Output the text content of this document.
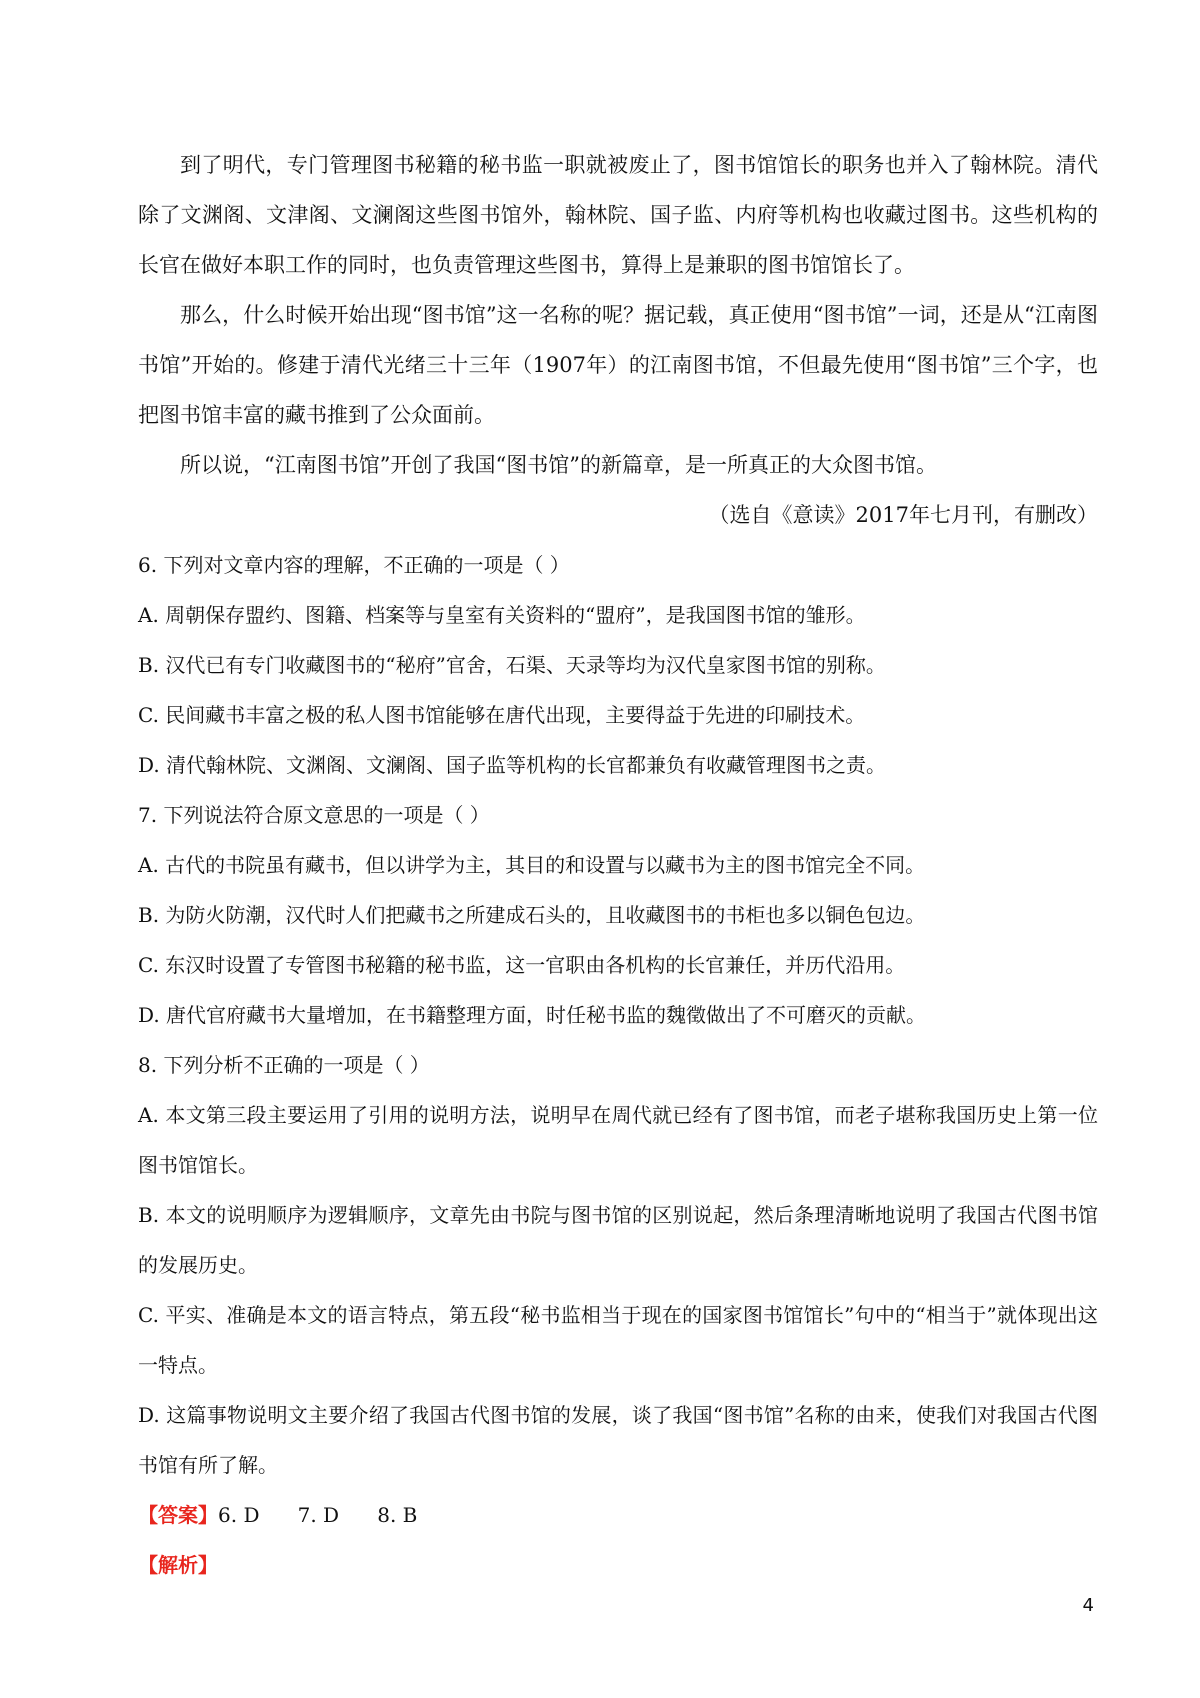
到了明代，专门管理图书秘籍的秘书监一职就被废止了，图书馆馆长的职务也并入了翰林院。清代除了文渊阁、文津阁、文澜阁这些图书馆外，翰林院、国子监、内府等机构也收藏过图书。这些机构的长官在做好本职工作的同时，也负责管理这些图书，算得上是兼职的图书馆馆长了。

那么，什么时候开始出现“图书馆”这一名称的呢？据记载，真正使用“图书馆”一词，还是从“江南图书馆”开始的。修建于清代光绪三十三年（1907年）的江南图书馆，不但最先使用“图书馆”三个字，也把图书馆丰富的藏书推到了公众面前。

所以说，“江南图书馆”开创了我国“图书馆”的新篇章，是一所真正的大众图书馆。

（选自《意读》2017年七月刊，有删改）

6. 下列对文章内容的理解，不正确的一项是（ ）

A. 周朝保存盟约、图籍、档案等与皇室有关资料的“盟府”，是我国图书馆的雏形。

B. 汉代已有专门收藏图书的“秘府”官舍，石渠、天录等均为汉代皇家图书馆的别称。

C. 民间藏书丰富之极的私人图书馆能够在唐代出现，主要得益于先进的印刷技术。

D. 清代翰林院、文渊阁、文澜阁、国子监等机构的长官都兼负有收藏管理图书之责。

7. 下列说法符合原文意思的一项是（ ）

A. 古代的书院虽有藏书，但以讲学为主，其目的和设置与以藏书为主的图书馆完全不同。

B. 为防火防潮，汉代时人们把藏书之所建成石头的，且收藏图书的书柜也多以铜色包边。

C. 东汉时设置了专管图书秘籍的秘书监，这一官职由各机构的长官兼任，并历代沿用。

D. 唐代官府藏书大量增加，在书籍整理方面，时任秘书监的魏徵做出了不可磨灭的贡献。

8. 下列分析不正确的一项是（ ）

A. 本文第三段主要运用了引用的说明方法，说明早在周代就已经有了图书馆，而老子堪称我国历史上第一位图书馆馆长。

B. 本文的说明顺序为逻辑顺序，文章先由书院与图书馆的区别说起，然后条理清晰地说明了我国古代图书馆的发展历史。

C. 平实、准确是本文的语言特点，第五段“秘书监相当于现在的国家图书馆馆长”句中的“相当于”就体现出这一特点。

D. 这篇事物说明文主要介绍了我国古代图书馆的发展，谈了我国“图书馆”名称的由来，使我们对我国古代图书馆有所了解。

【答案】6. D      7. D      8. B

【解析】

4
